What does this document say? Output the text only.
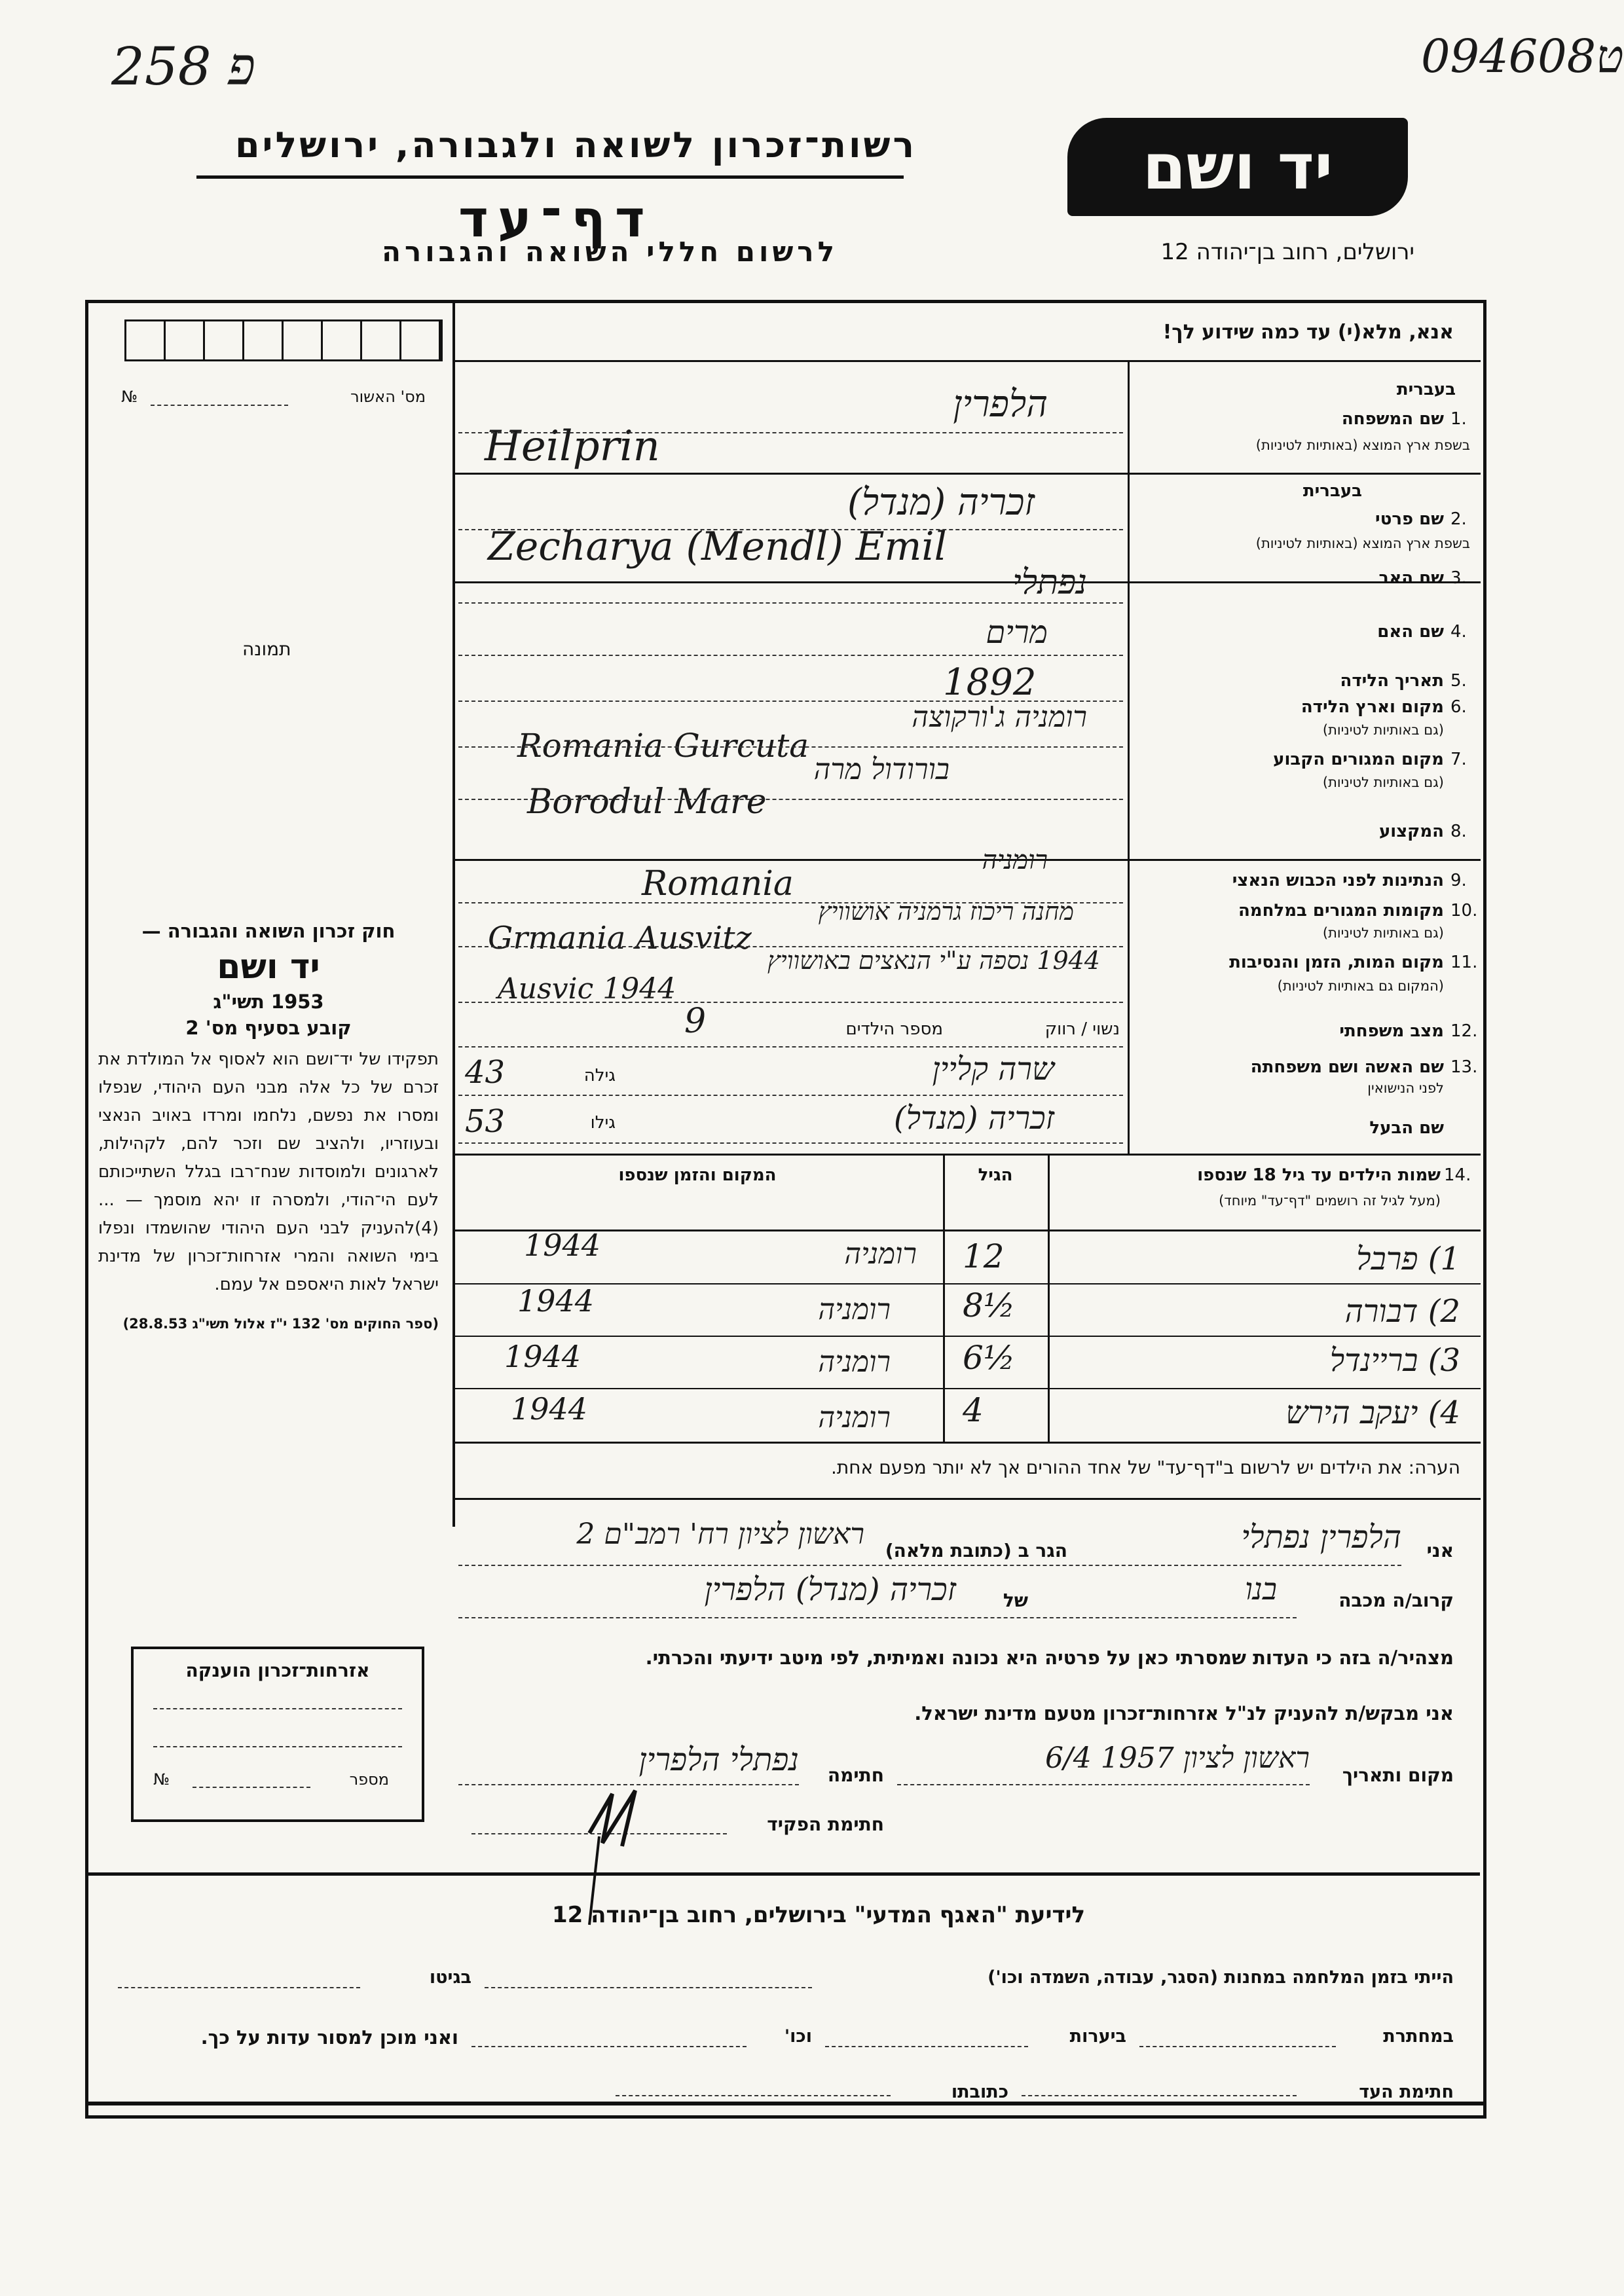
258 פ	09ט4608
רשות־זכרון לשואה ולגבורה, ירושלים
דף־עד
לרשום חללי השואה והגבורה
יד ושם
ירושלים, רחוב בן־יהודה 12
מס' האשור
№
תמונה
חוק זכרון השואה והגבורה —
יד ושם
1953 תשי"ג
קובע בסעיף מס' 2
תפקידו של יד־ושם הוא לאסוף אל המולדת את זכרם של כל אלה מבני העם היהודי, שנפלו ומסרו את נפשם, נלחמו ומרדו באויב הנאצי ובעוזריו, ולהציב שם וזכר להם, לקהילות, לארגונים ולמוסדות שנח־רבו בגלל השתייכותם לעם הי־הודי, ולמסרה זו יהא מוסמך — ...(4)להעניק לבני העם היהודי שהושמדו ונפלו בימי השואה והמרי אזרחות־זכרון של מדינת ישראל לאות היאספם אל עמם.
(ספר החוקים מס' 132 י"ז אלול תשי"ג 28.8.53)
אנא, מלא(י) עד כמה שידוע לך!
בעברית
1.
שם המשפחה
בשפת ארץ המוצא (באותיות לטיניות)
הלפרין
Heilprin
בעברית
2.
שם פרטי
בשפת ארץ המוצא (באותיות לטיניות)
זכריה (מנדל)
Zecharya (Mendl) Emil
3.
שם האב
נפתלי
4.
שם האם
מרים
5.
תאריך הלידה
1892
6.
מקום וארץ הלידה
(גם באותיות לטיניות)
רומניה ג'ורקוצה
Romania Gurcuta	7.
מקום המגורים הקבוע
(גם באותיות לטיניות)
בורודול מרה
Borodul Mare
8.
המקצוע
9.
הנתינות לפני הכבוש הנאצי
רומניה
Romania
10.
מקומות המגורים במלחמה
(גם באותיות לטיניות)
מחנה ריכוז גרמניה אושוויץ
Grmania Ausvitz
11.
מקום המות, הזמן והנסיבות
(המקום גם באותיות לטיניות)
1944 נספה ע"י הנאצים באושוויץ
Ausvic 1944
12.
מצב משפחתי
נשוי / רווק
מספר הילדים
9
13.
שם האשה ושם משפחתה
לפני הנישואין
שרה קליין
גילה
43
שם הבעל
זכריה (מנדל)
גילו
53
14.
שמות הילדים עד גיל 18 שנספו
(מעל לגיל זה רושמים "דף־עד" מיוחד)
הגיל
המקום והזמן שנספו
1) פרבל
12
רומניה
1944
2) דבורה
8½
רומניה
1944
3) בריינדל
6½
רומניה
1944
4) יעקב הירש
4
רומניה
1944
הערה: את הילדים יש לרשום ב"דף־עד" של אחד ההורים אך לא יותר מפעם אחת.
אני
הלפרין נפתלי
הגר ב (כתובת מלאה)
ראשון לציון רח' רמב"ם 2
קרוב/ה מכבה
בנו
של
זכריה (מנדל) הלפרין
מצהיר/ה בזה כי העדות שמסרתי כאן על פרטיה היא נכונה ואמיתית, לפי מיטב ידיעתי והכרתי.
אני מבקש/ת להעניק לנ"ל אזרחות־זכרון מטעם מדינת ישראל.
מקום ותאריך
ראשון לציון 1957 6/4
חתימה
נפתלי הלפרין
חתימת הפקיד
אזרחות־זכרון הוענקה
מספר
№
לידיעת "האגף המדעי" בירושלים, רחוב בן־יהודה 12
הייתי בזמן המלחמה במחנות (הסגר, עבודה, השמדה וכו')
בגיטו
במחתרת
ביערות
וכו'
ואני מוכן למסור עדות על כך.
חתימת העד
כתובתו
